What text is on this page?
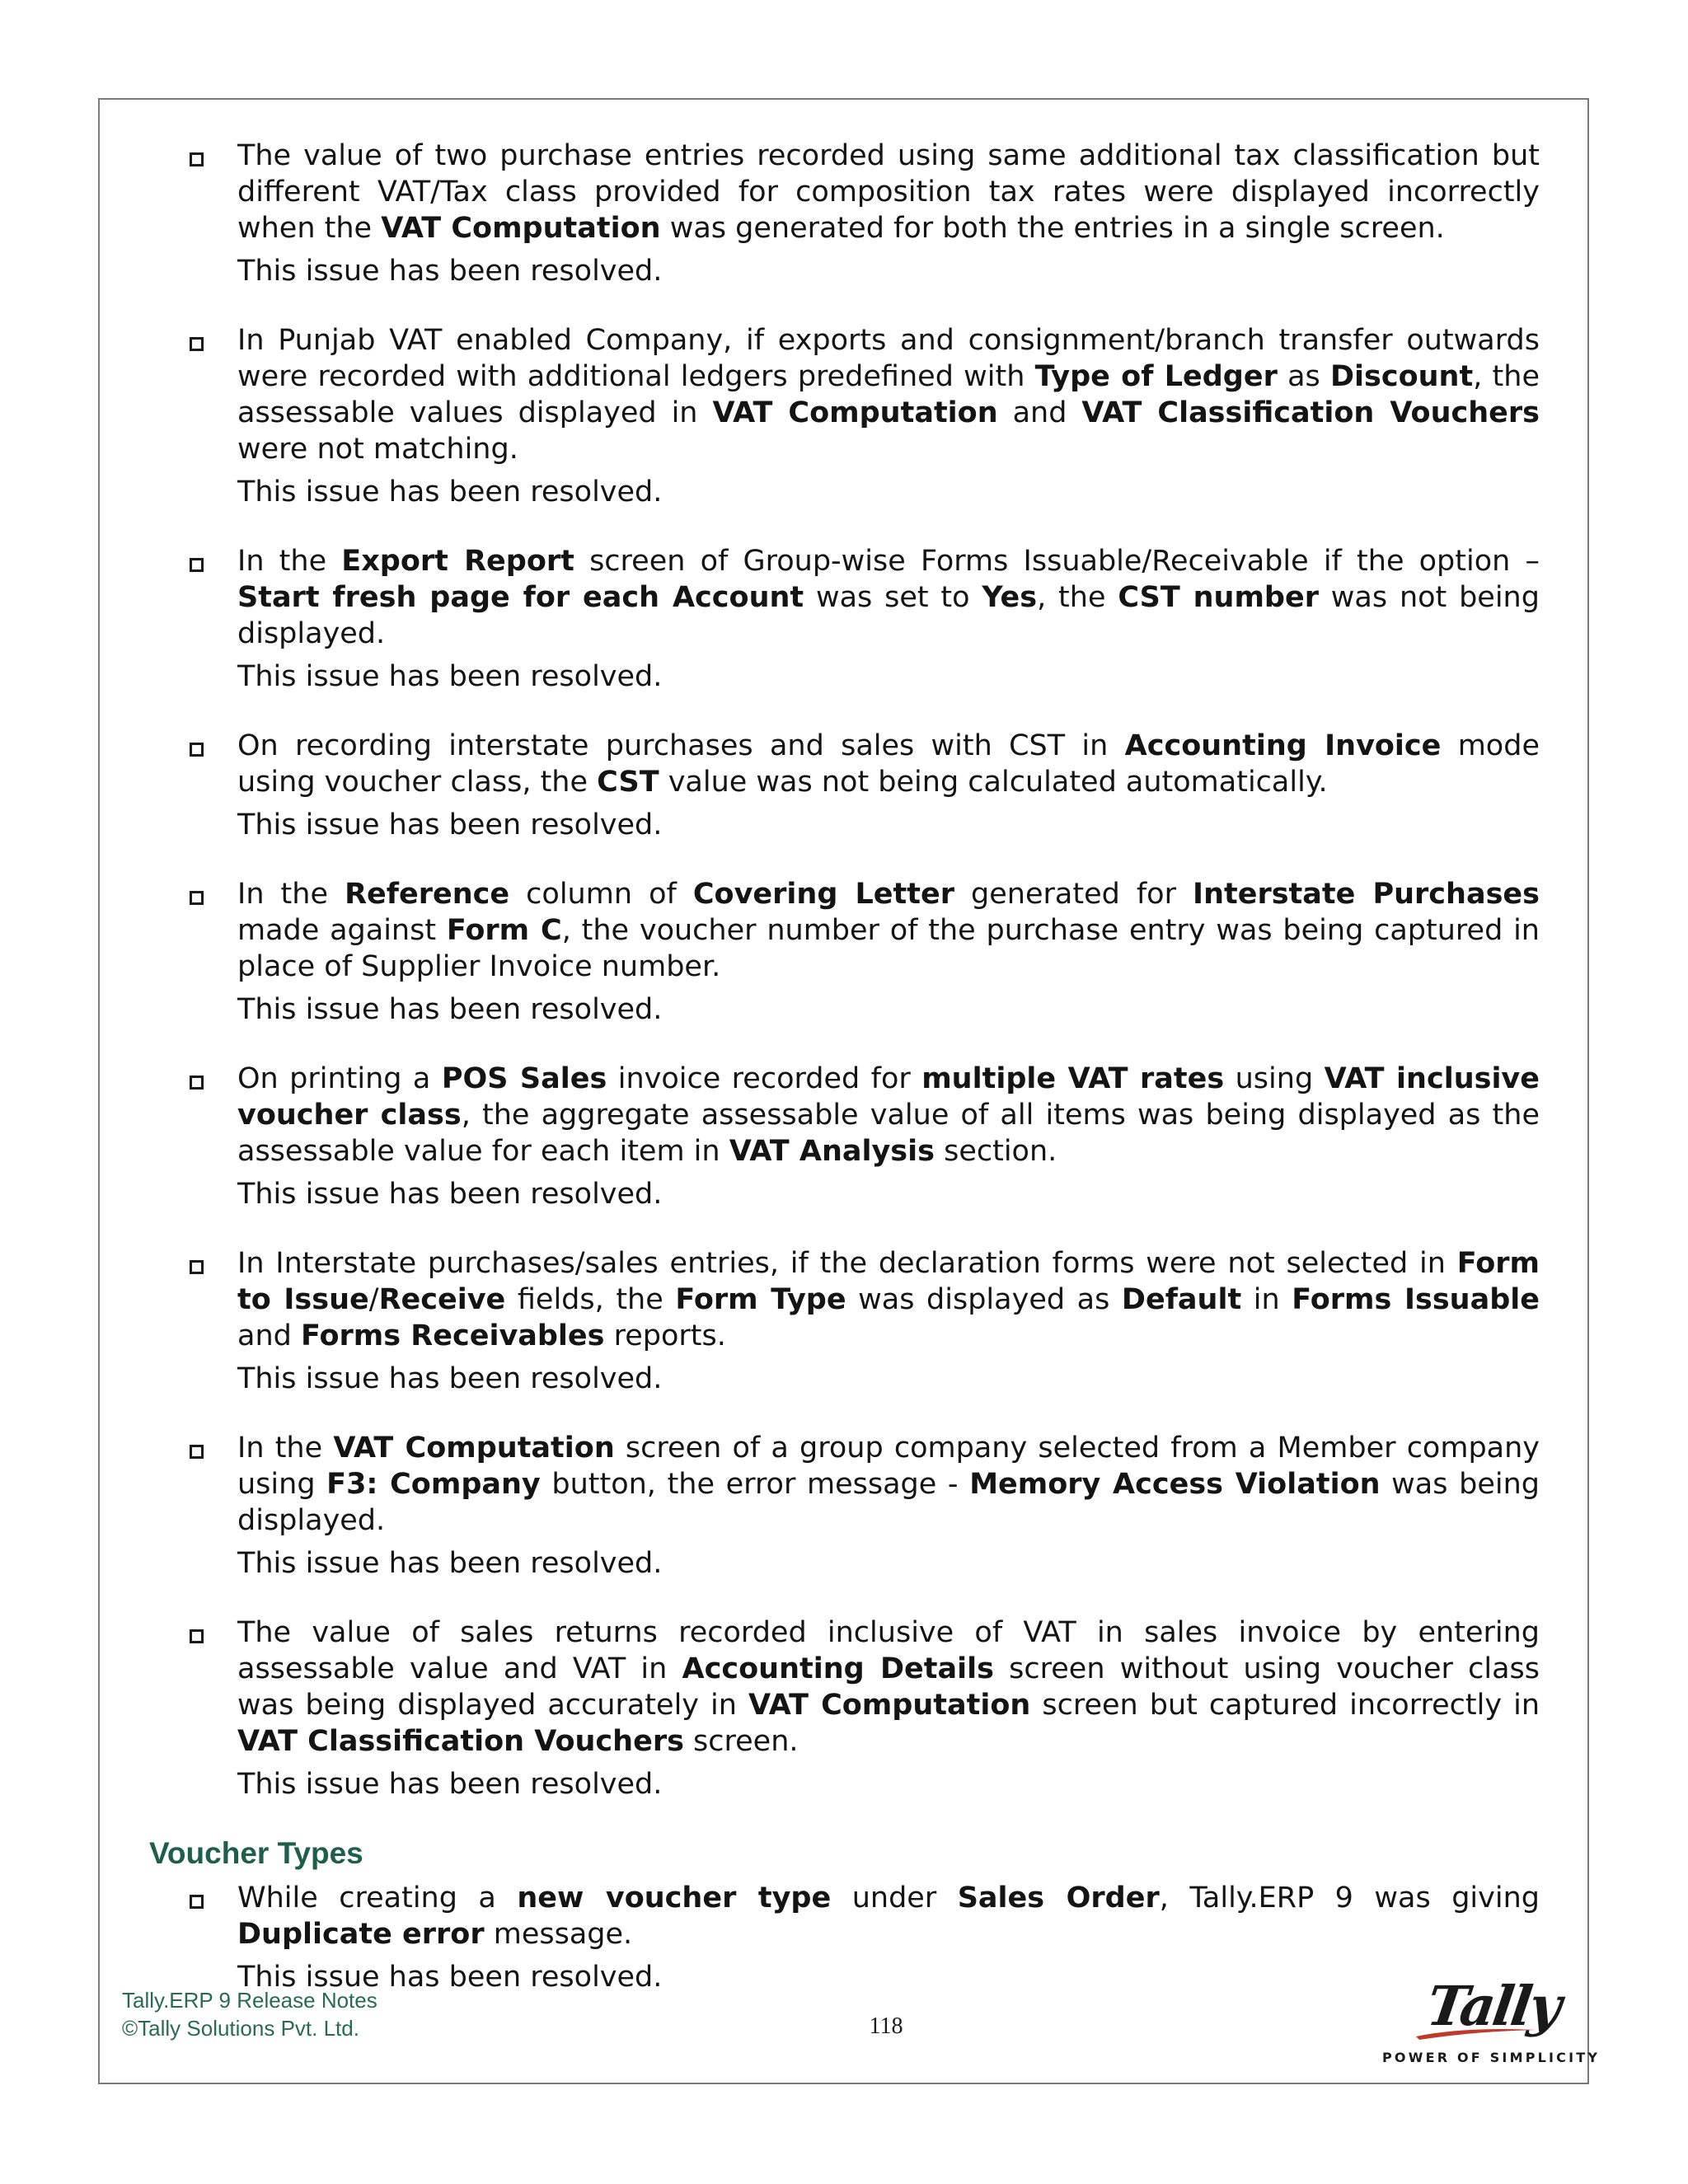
The value of two purchase entries recorded using same additional tax classification but different VAT/Tax class provided for composition tax rates were displayed incorrectly when the VAT Computation was generated for both the entries in a single screen.
This issue has been resolved.
In Punjab VAT enabled Company, if exports and consignment/branch transfer outwards were recorded with additional ledgers predefined with Type of Ledger as Discount, the assessable values displayed in VAT Computation and VAT Classification Vouchers were not matching.
This issue has been resolved.
In the Export Report screen of Group-wise Forms Issuable/Receivable if the option – Start fresh page for each Account was set to Yes, the CST number was not being displayed.
This issue has been resolved.
On recording interstate purchases and sales with CST in Accounting Invoice mode using voucher class, the CST value was not being calculated automatically.
This issue has been resolved.
In the Reference column of Covering Letter generated for Interstate Purchases made against Form C, the voucher number of the purchase entry was being captured in place of Supplier Invoice number.
This issue has been resolved.
On printing a POS Sales invoice recorded for multiple VAT rates using VAT inclusive voucher class, the aggregate assessable value of all items was being displayed as the assessable value for each item in VAT Analysis section.
This issue has been resolved.
In Interstate purchases/sales entries, if the declaration forms were not selected in Form to Issue/Receive fields, the Form Type was displayed as Default in Forms Issuable and Forms Receivables reports.
This issue has been resolved.
In the VAT Computation screen of a group company selected from a Member company using F3: Company button, the error message - Memory Access Violation was being displayed.
This issue has been resolved.
The value of sales returns recorded inclusive of VAT in sales invoice by entering assessable value and VAT in Accounting Details screen without using voucher class was being displayed accurately in VAT Computation screen but captured incorrectly in VAT Classification Vouchers screen.
This issue has been resolved.
Voucher Types
While creating a new voucher type under Sales Order, Tally.ERP 9 was giving Duplicate error message.
This issue has been resolved.
Tally.ERP 9 Release Notes
©Tally Solutions Pvt. Ltd.	118	Tally
POWER OF SIMPLICITY
